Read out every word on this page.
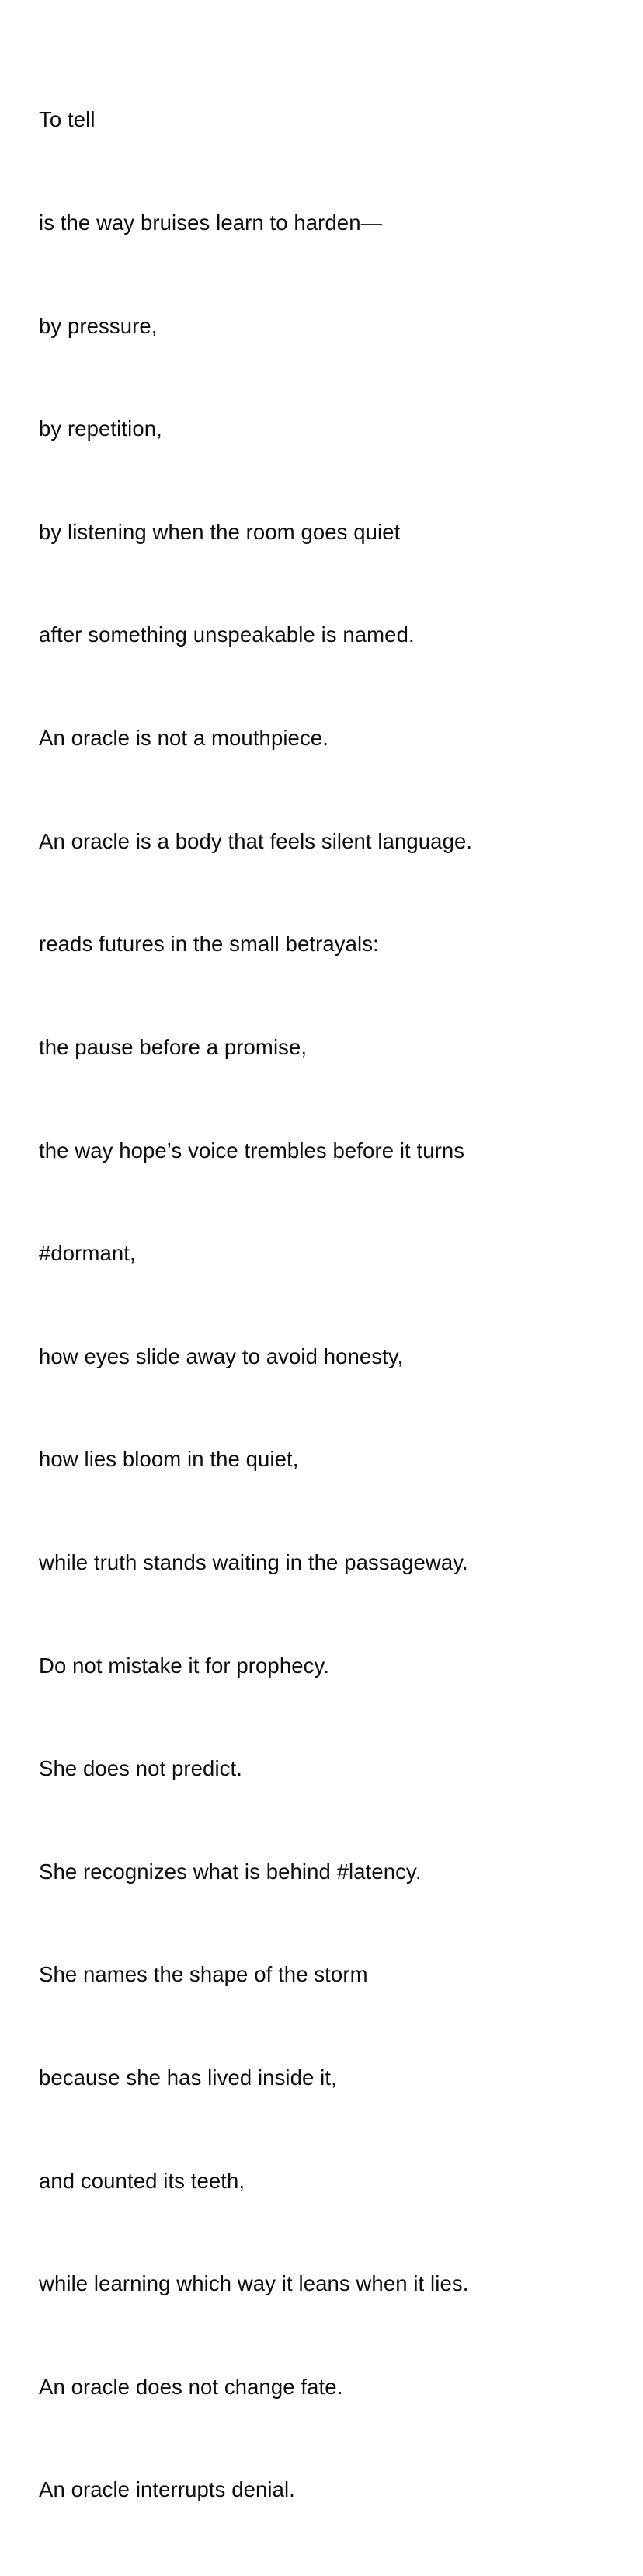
To tell

is the way bruises learn to harden—

by pressure,

by repetition,

by listening when the room goes quiet

after something unspeakable is named.

An oracle is not a mouthpiece.

An oracle is a body that feels silent language.

reads futures in the small betrayals:

the pause before a promise,

the way hope’s voice trembles before it turns

#dormant,

how eyes slide away to avoid honesty,

how lies bloom in the quiet,

while truth stands waiting in the passageway.

Do not mistake it for prophecy.

She does not predict.

She recognizes what is behind #latency.

She names the shape of the storm

because she has lived inside it,

and counted its teeth,

while learning which way it leans when it lies.

An oracle does not change fate.

An oracle interrupts denial.
